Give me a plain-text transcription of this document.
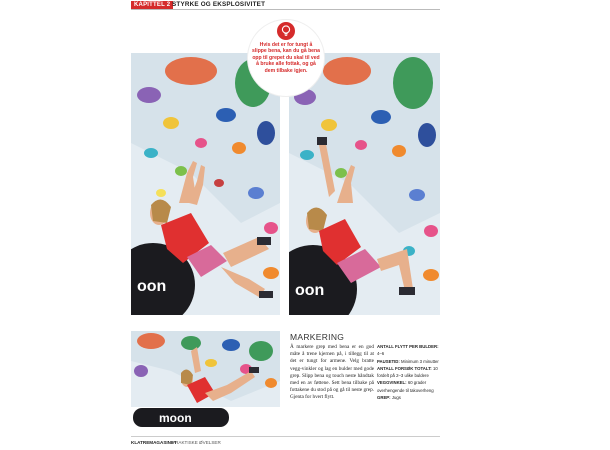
KAPITTEL 2 STYRKE OG EKSPLOSIVITET
oon	oon
moon
Hvis det er for tungt å slippe bena, kan du gå bena opp til grepet du skal til ved å bruke alle fottak, og gå dem tilbake igjen.
MARKERING
Å markere grep med bena er en god måte å trene kjernen på, i tillegg til at det er tungt for armene. Velg bratte vegg-vinkler og lag en bulder med gode grep. Slipp bena og touch neste håndtak med en av føttene. Sett bena tilbake på fottakene du stod på og gå til neste grep. Gjenta for hvert flytt.
ANTALL FLYTT PER BULDER: 4–6
PAUSETID: Minimum 3 minutter
ANTALL FORSØK TOTALT: 10 fordelt på 2–3 ulike buldere
VEGGVINKEL: 60 grader overhengende til takoverheng
GREP: Jugs
KLATREMAGASINET
PRAKTISKE ØVELSER
